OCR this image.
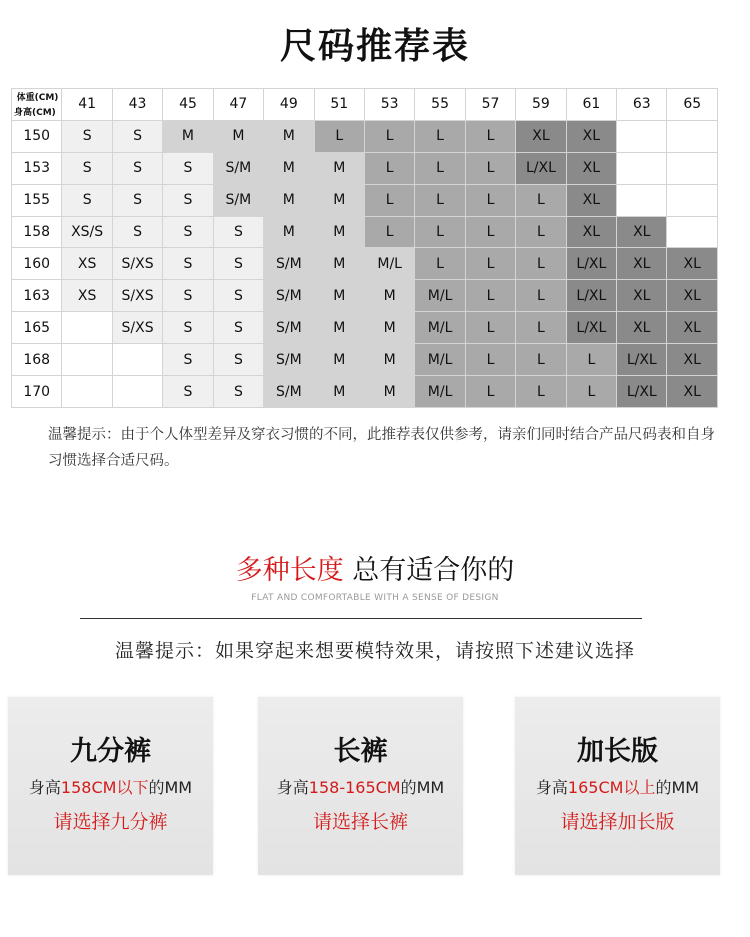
尺码推荐表
体重(CM)
身高(CM)	41	43	45	47	49	51	53	55	57	59	61	63	65
150	S	S	M	M	M	L	L	L	L	XL	XL		
153	S	S	S	S/M	M	M	L	L	L	L/XL	XL		
155	S	S	S	S/M	M	M	L	L	L	L	XL		
158	XS/S	S	S	S	M	M	L	L	L	L	XL	XL	
160	XS	S/XS	S	S	S/M	M	M/L	L	L	L	L/XL	XL	XL
163	XS	S/XS	S	S	S/M	M	M	M/L	L	L	L/XL	XL	XL
165		S/XS	S	S	S/M	M	M	M/L	L	L	L/XL	XL	XL
168			S	S	S/M	M	M	M/L	L	L	L	L/XL	XL
170			S	S	S/M	M	M	M/L	L	L	L	L/XL	XL
温馨提示：由于个人体型差异及穿衣习惯的不同，此推荐表仅供参考，请亲们同时结合产品尺码表和自身习惯选择合适尺码。
多种长度 总有适合你的
FLAT AND COMFORTABLE WITH A SENSE OF DESIGN
温馨提示：如果穿起来想要模特效果，请按照下述建议选择
九分裤
身高158CM以下的MM
请选择九分裤
长裤
身高158-165CM的MM
请选择长裤
加长版
身高165CM以上的MM
请选择加长版
